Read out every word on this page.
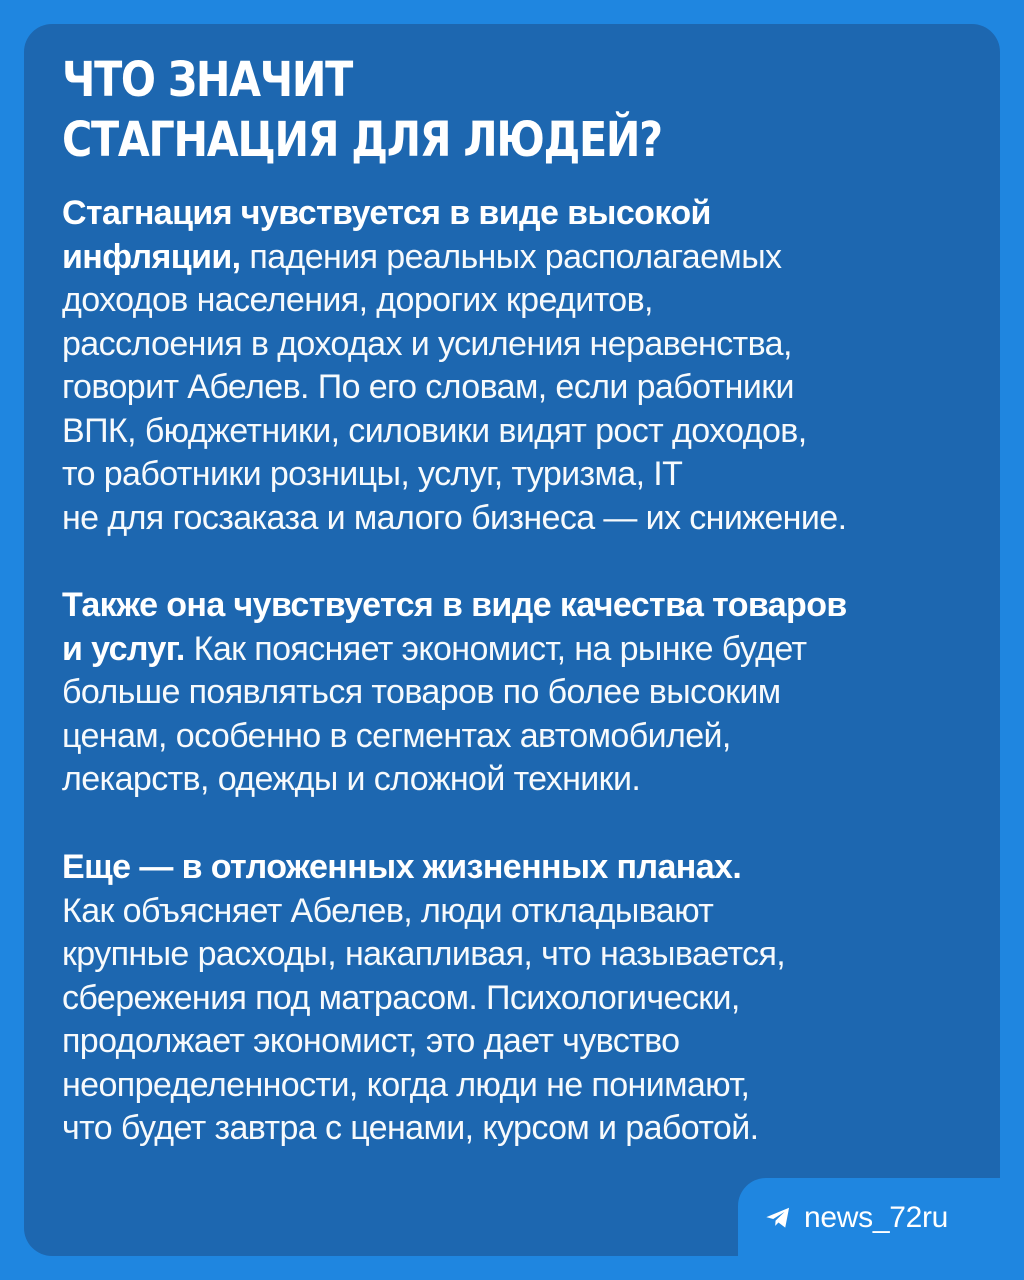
ЧТО ЗНАЧИТ
СТАГНАЦИЯ ДЛЯ ЛЮДЕЙ?

Стагнация чувствуется в виде высокой
инфляции, падения реальных располагаемых
доходов населения, дорогих кредитов,
расслоения в доходах и усиления неравенства,
говорит Абелев. По его словам, если работники
ВПК, бюджетники, силовики видят рост доходов,
то работники розницы, услуг, туризма, IT
не для госзаказа и малого бизнеса — их снижение.

Также она чувствуется в виде качества товаров
и услуг. Как поясняет экономист, на рынке будет
больше появляться товаров по более высоким
ценам, особенно в сегментах автомобилей,
лекарств, одежды и сложной техники.

Еще — в отложенных жизненных планах.
Как объясняет Абелев, люди откладывают
крупные расходы, накапливая, что называется,
сбережения под матрасом. Психологически,
продолжает экономист, это дает чувство
неопределенности, когда люди не понимают,
что будет завтра с ценами, курсом и работой.

news_72ru
